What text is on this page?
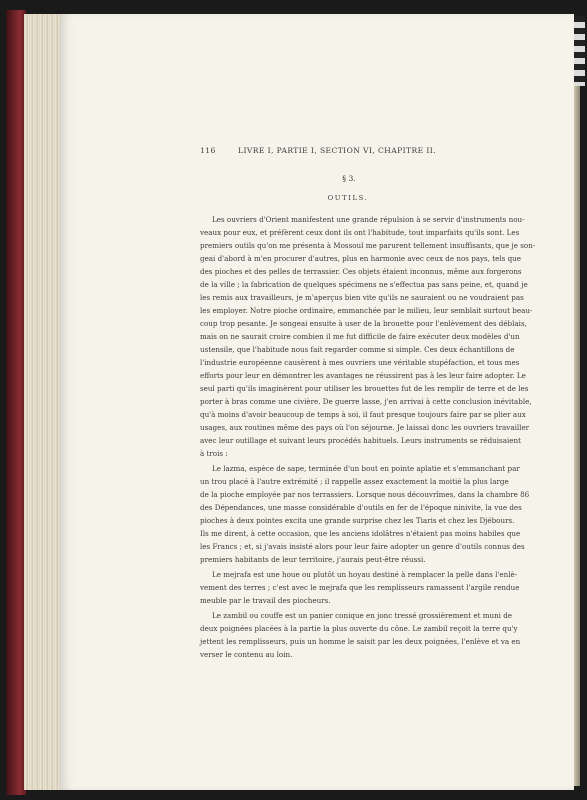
116	LIVRE I, PARTIE I, SECTION VI, CHAPITRE II.
§ 3.
OUTILS.
Les ouvriers d'Orient manifestent une grande répulsion à se servir d'instruments nou-
veaux pour eux, et préfèrent ceux dont ils ont l'habitude, tout imparfaits qu'ils sont. Les
premiers outils qu'on me présenta à Mossoul me parurent tellement insuffisants, que je son-
geai d'abord à m'en procurer d'autres, plus en harmonie avec ceux de nos pays, tels que
des pioches et des pelles de terrassier. Ces objets étaient inconnus, même aux forgerons
de la ville ; la fabrication de quelques spécimens ne s'effectua pas sans peine, et, quand je
les remis aux travailleurs, je m'aperçus bien vite qu'ils ne sauraient ou ne voudraient pas
les employer. Notre pioche ordinaire, emmanchée par le milieu, leur semblait surtout beau-
coup trop pesante. Je songeai ensuite à user de la brouette pour l'enlèvement des déblais,
mais on ne saurait croire combien il me fut difficile de faire exécuter deux modèles d'un
ustensile, que l'habitude nous fait regarder comme si simple. Ces deux échantillons de
l'industrie européenne causèrent à mes ouvriers une véritable stupéfaction, et tous mes
efforts pour leur en démontrer les avantages ne réussirent pas à les leur faire adopter. Le
seul parti qu'ils imaginèrent pour utiliser les brouettes fut de les remplir de terre et de les
porter à bras comme une civière. De guerre lasse, j'en arrivai à cette conclusion inévitable,
qu'à moins d'avoir beaucoup de temps à soi, il faut presque toujours faire par se plier aux
usages, aux routines même des pays où l'on séjourne. Je laissai donc les ouvriers travailler
avec leur outillage et suivant leurs procédés habituels. Leurs instruments se réduisaient
à trois :
Le lazma, espèce de sape, terminée d'un bout en pointe aplatie et s'emmanchant par
un trou placé à l'autre extrémité ; il rappelle assez exactement la moitié la plus large
de la pioche employée par nos terrassiers. Lorsque nous découvrîmes, dans la chambre 86
des Dépendances, une masse considérable d'outils en fer de l'époque ninivite, la vue des
pioches à deux pointes excita une grande surprise chez les Tiaris et chez les Djébours.
Ils me dirent, à cette occasion, que les anciens idolâtres n'étaient pas moins habiles que
les Francs ; et, si j'avais insisté alors pour leur faire adopter un genre d'outils connus des
premiers habitants de leur territoire, j'aurais peut-être réussi.
Le mejrafa est une houe ou plutôt un hoyau destiné à remplacer la pelle dans l'enlè-
vement des terres ; c'est avec le mejrafa que les remplisseurs ramassent l'argile rendue
meuble par le travail des piocheurs.
Le zambil ou couffe est un panier conique en jonc tressé grossièrement et muni de
deux poignées placées à la partie la plus ouverte du cône. Le zambil reçoit la terre qu'y
jettent les remplisseurs, puis un homme le saisit par les deux poignées, l'enlève et va en
verser le contenu au loin.
